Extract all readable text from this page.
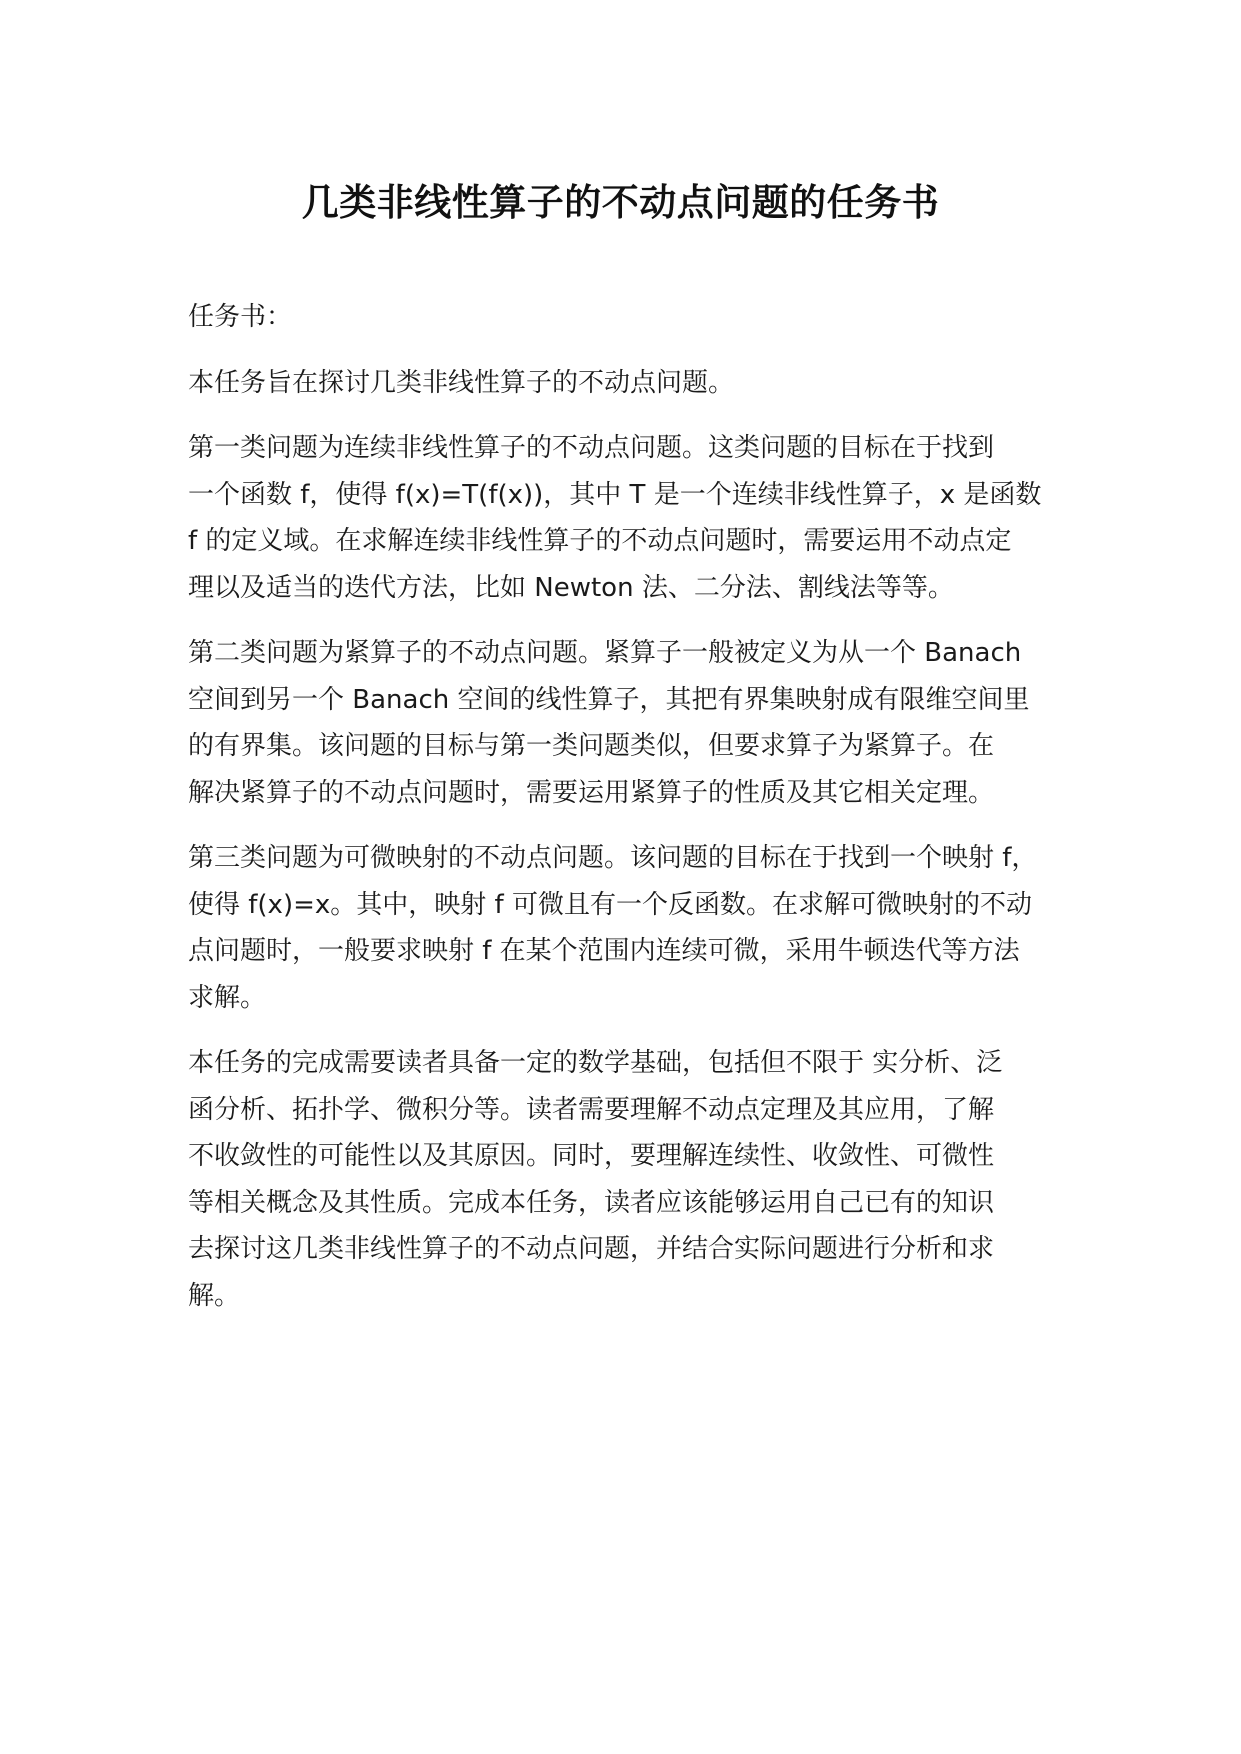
几类非线性算子的不动点问题的任务书

任务书：

本任务旨在探讨几类非线性算子的不动点问题。

第一类问题为连续非线性算子的不动点问题。这类问题的目标在于找到
一个函数 f，使得 f(x)=T(f(x))，其中 T 是一个连续非线性算子，x 是函数
f 的定义域。在求解连续非线性算子的不动点问题时，需要运用不动点定
理以及适当的迭代方法，比如 Newton 法、二分法、割线法等等。

第二类问题为紧算子的不动点问题。紧算子一般被定义为从一个 Banach
空间到另一个 Banach 空间的线性算子，其把有界集映射成有限维空间里
的有界集。该问题的目标与第一类问题类似，但要求算子为紧算子。在
解决紧算子的不动点问题时，需要运用紧算子的性质及其它相关定理。

第三类问题为可微映射的不动点问题。该问题的目标在于找到一个映射 f，
使得 f(x)=x。其中，映射 f 可微且有一个反函数。在求解可微映射的不动
点问题时，一般要求映射 f 在某个范围内连续可微，采用牛顿迭代等方法
求解。

本任务的完成需要读者具备一定的数学基础，包括但不限于 实分析、泛
函分析、拓扑学、微积分等。读者需要理解不动点定理及其应用，了解
不收敛性的可能性以及其原因。同时，要理解连续性、收敛性、可微性
等相关概念及其性质。完成本任务，读者应该能够运用自己已有的知识
去探讨这几类非线性算子的不动点问题，并结合实际问题进行分析和求
解。
